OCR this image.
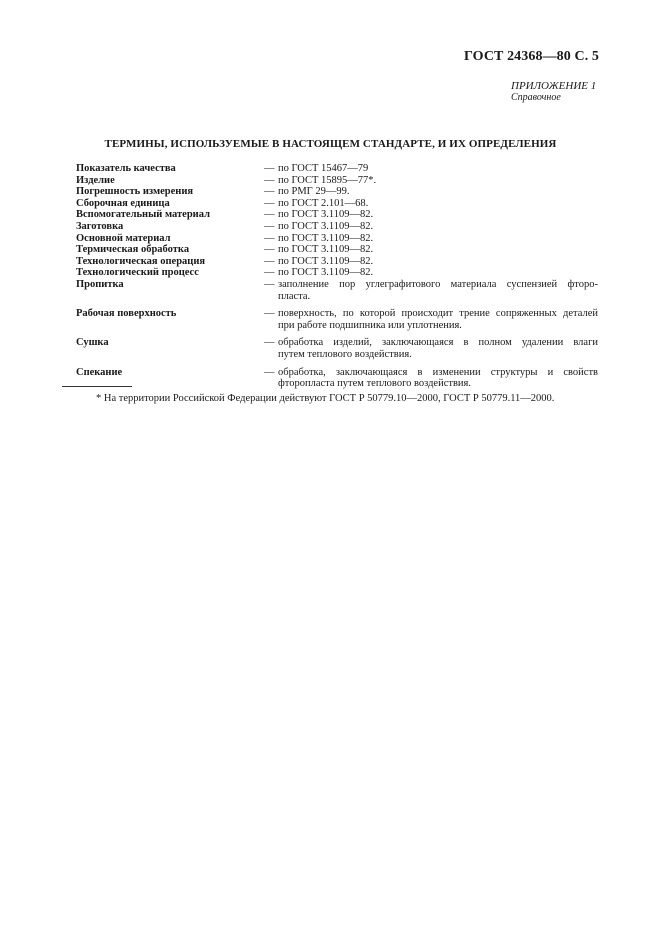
ГОСТ 24368—80 С. 5
ПРИЛОЖЕНИЕ 1
Справочное
ТЕРМИНЫ, ИСПОЛЬЗУЕМЫЕ В НАСТОЯЩЕМ СТАНДАРТЕ, И ИХ ОПРЕДЕЛЕНИЯ
Показатель качества	— по ГОСТ 15467—79
Изделие	— по ГОСТ 15895—77*.
Погрешность измерения	— по РМГ 29—99.
Сборочная единица	— по ГОСТ 2.101—68.
Вспомогательный материал	— по ГОСТ 3.1109—82.
Заготовка	— по ГОСТ 3.1109—82.
Основной материал	— по ГОСТ 3.1109—82.
Термическая обработка	— по ГОСТ 3.1109—82.
Технологическая операция	— по ГОСТ 3.1109—82.
Технологический процесс	— по ГОСТ 3.1109—82.
Пропитка	— заполнение пор углеграфитового материала суспензией фторо-
пласта.
Рабочая поверхность	— поверхность, по которой происходит трение сопряженных деталей
при работе подшипника или уплотнения.
Сушка	— обработка изделий, заключающаяся в полном удалении влаги
путем теплового воздействия.
Спекание	— обработка, заключающаяся в изменении структуры и свойств
фторопласта путем теплового воздействия.
* На территории Российской Федерации действуют ГОСТ Р 50779.10—2000, ГОСТ Р 50779.11—2000.
